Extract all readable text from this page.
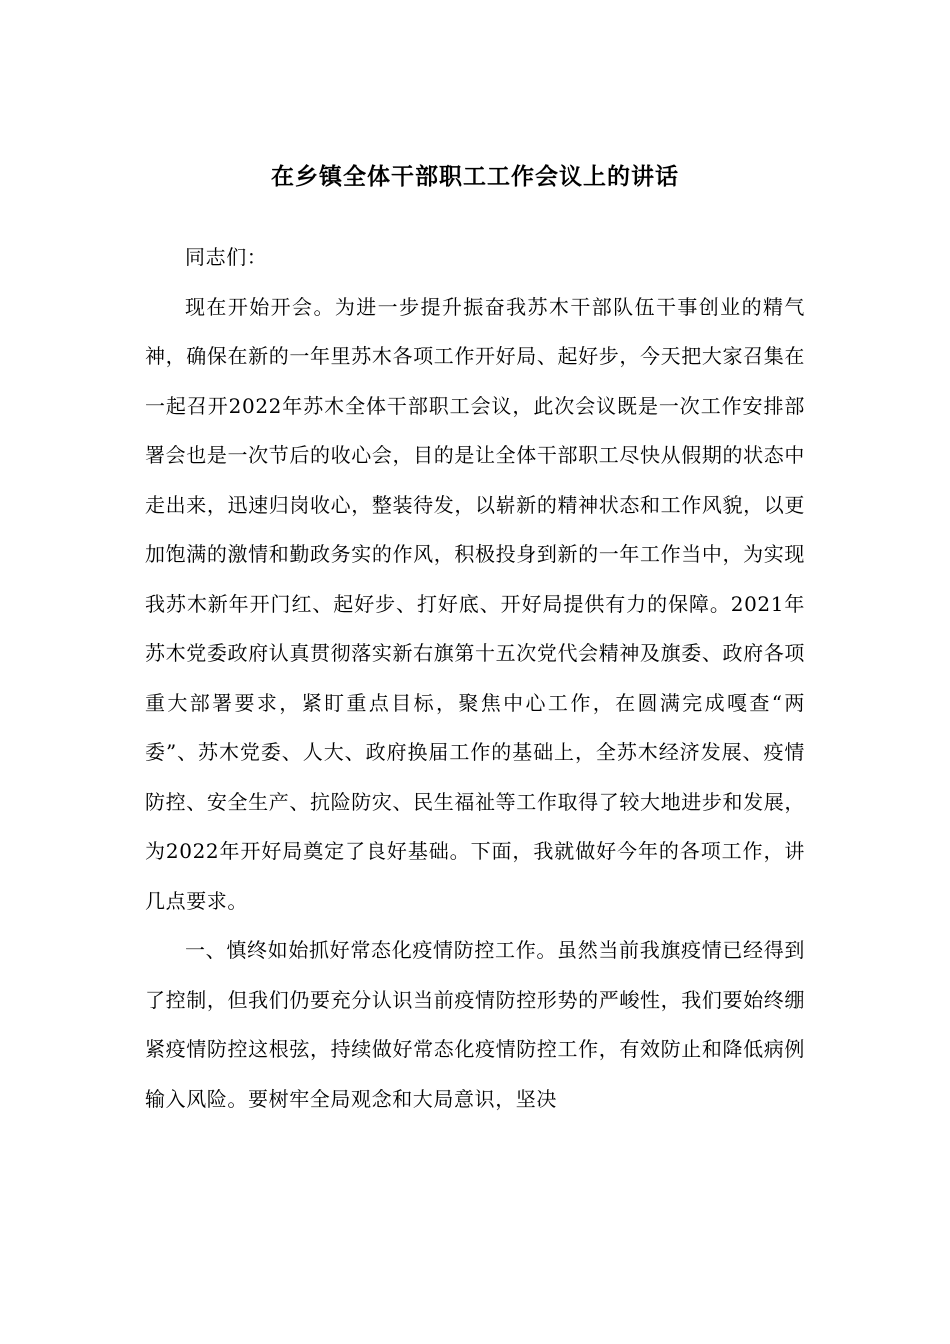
在乡镇全体干部职工工作会议上的讲话

同志们：

现在开始开会。为进一步提升振奋我苏木干部队伍干事创业的精气神，确保在新的一年里苏木各项工作开好局、起好步，今天把大家召集在一起召开2022年苏木全体干部职工会议，此次会议既是一次工作安排部署会也是一次节后的收心会，目的是让全体干部职工尽快从假期的状态中走出来，迅速归岗收心，整装待发，以崭新的精神状态和工作风貌，以更加饱满的激情和勤政务实的作风，积极投身到新的一年工作当中，为实现我苏木新年开门红、起好步、打好底、开好局提供有力的保障。2021年苏木党委政府认真贯彻落实新右旗第十五次党代会精神及旗委、政府各项重大部署要求，紧盯重点目标，聚焦中心工作，在圆满完成嘎查“两委”、苏木党委、人大、政府换届工作的基础上，全苏木经济发展、疫情防控、安全生产、抗险防灾、民生福祉等工作取得了较大地进步和发展，为2022年开好局奠定了良好基础。下面，我就做好今年的各项工作，讲几点要求。

一、慎终如始抓好常态化疫情防控工作。虽然当前我旗疫情已经得到了控制，但我们仍要充分认识当前疫情防控形势的严峻性，我们要始终绷紧疫情防控这根弦，持续做好常态化疫情防控工作，有效防止和降低病例输入风险。要树牢全局观念和大局意识，坚决
